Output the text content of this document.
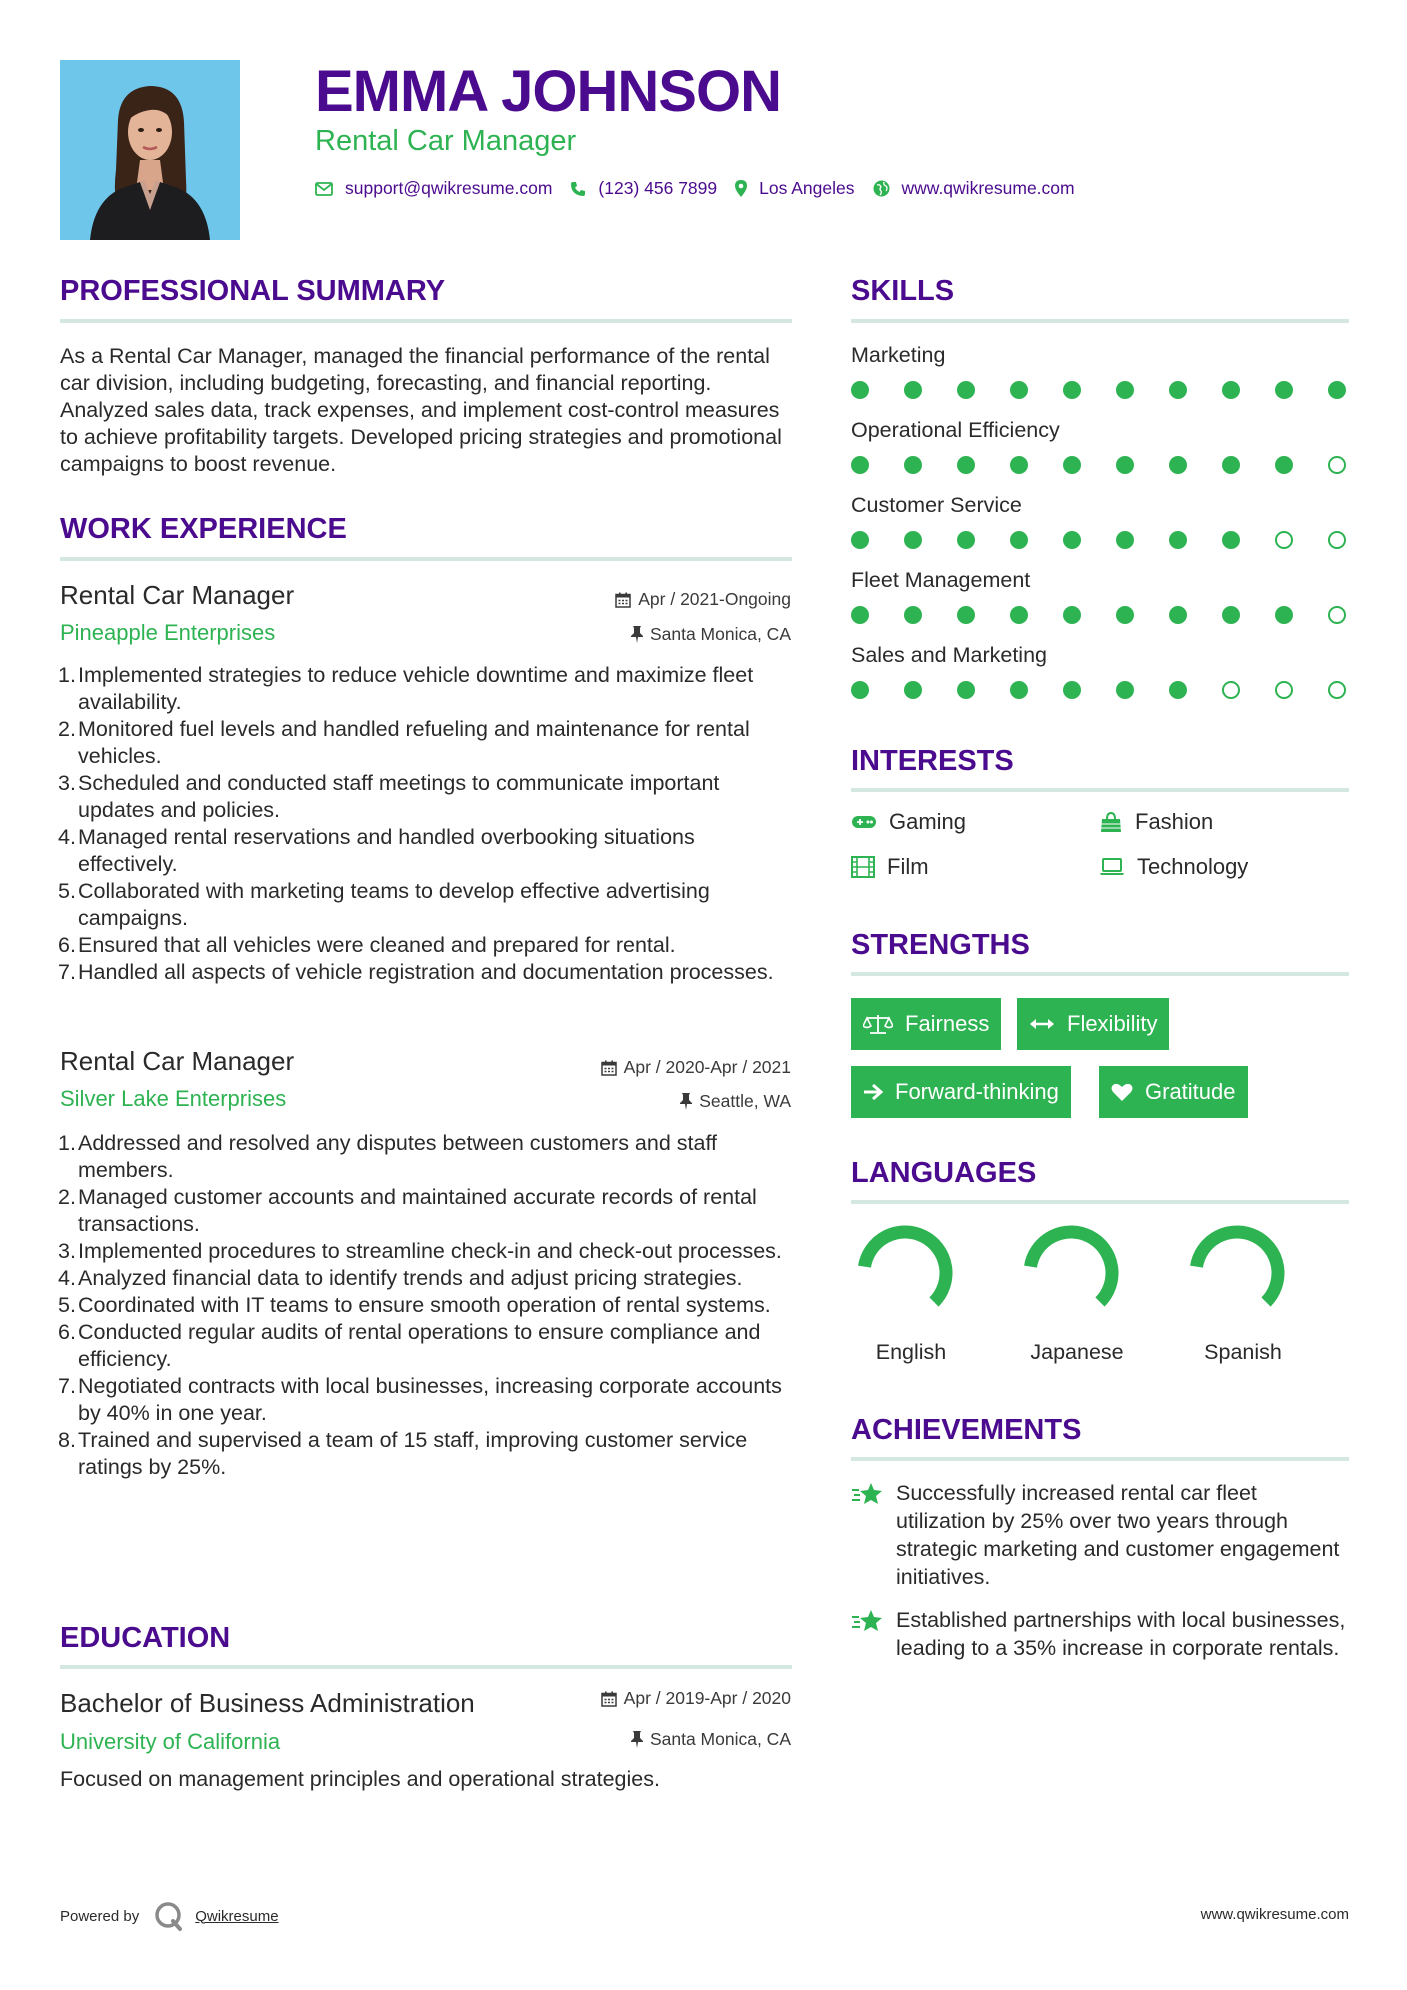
EMMA JOHNSON
Rental Car Manager
support@qwikresume.com	(123) 456 7899 Los Angeles	www.qwikresume.com
PROFESSIONAL SUMMARY
As a Rental Car Manager, managed the financial performance of the rental car division, including budgeting, forecasting, and financial reporting. Analyzed sales data, track expenses, and implement cost-control measures to achieve profitability targets. Developed pricing strategies and promotional campaigns to boost revenue.
WORK EXPERIENCE
Rental Car Manager
Pineapple Enterprises
Apr / 2021-Ongoing
Santa Monica, CA
1 . Implemented strategies to reduce vehicle downtime and maximize fleet availability.
2 . Monitored fuel levels and handled refueling and maintenance for rental vehicles.
3 . Scheduled and conducted staff meetings to communicate important updates and policies.
4 . Managed rental reservations and handled overbooking situations effectively.
5 . Collaborated with marketing teams to develop effective advertising campaigns.
6 . Ensured that all vehicles were cleaned and prepared for rental.
7 . Handled all aspects of vehicle registration and documentation processes.
Rental Car Manager
Silver Lake Enterprises
Apr / 2020-Apr / 2021
Seattle, WA
1 . Addressed and resolved any disputes between customers and staff members.
2 . Managed customer accounts and maintained accurate records of rental transactions.
3 . Implemented procedures to streamline check-in and check-out processes.
4 . Analyzed financial data to identify trends and adjust pricing strategies.
5 . Coordinated with IT teams to ensure smooth operation of rental systems.
6 . Conducted regular audits of rental operations to ensure compliance and efficiency.
7 . Negotiated contracts with local businesses, increasing corporate accounts by 40% in one year.
8 . Trained and supervised a team of 15 staff, improving customer service ratings by 25%.
EDUCATION
Bachelor of Business Administration
University of California
Apr / 2019-Apr / 2020
Santa Monica, CA
Focused on management principles and operational strategies.
SKILLS
Marketing
Operational Efficiency
Customer Service
Fleet Management
Sales and Marketing
INTERESTS
Gaming	Fashion
Film	Technology
STRENGTHS
Fairness	Flexibility
Forward-thinking	Gratitude
LANGUAGES
English	Japanese	Spanish
ACHIEVEMENTS
Successfully increased rental car fleet utilization by 25% over two years through strategic marketing and customer engagement initiatives.
Established partnerships with local businesses, leading to a 35% increase in corporate rentals.
Powered by	Qwikresume	www.qwikresume.com
